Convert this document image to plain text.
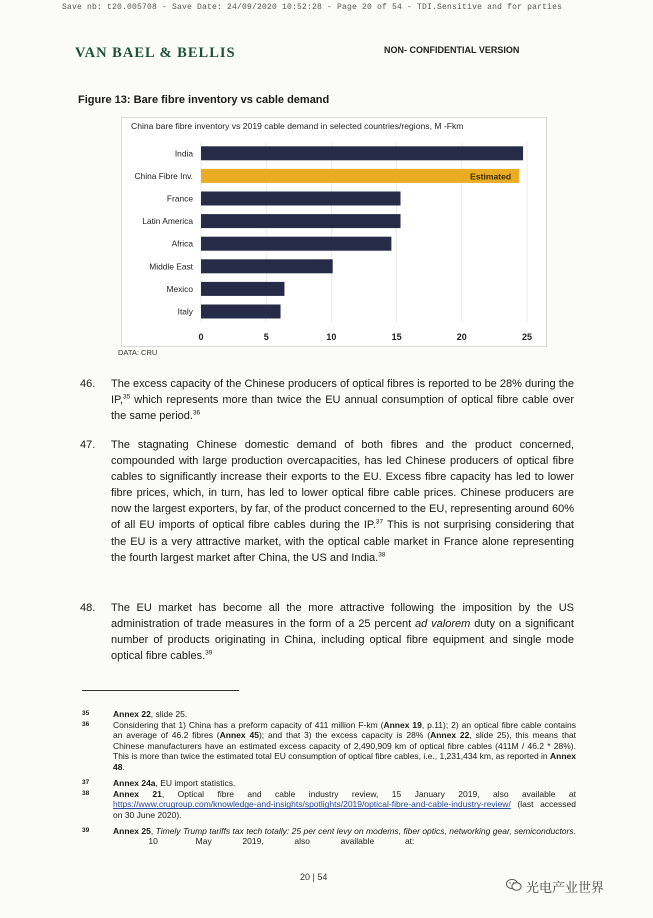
Save nb: t20.005708 - Save Date: 24/09/2020 10:52:28 - Page 20 of 54 - TDI.Sensitive and for parties
VAN BAEL & BELLIS	NON- CONFIDENTIAL VERSION
Figure 13: Bare fibre inventory vs cable demand
India
China Fibre Inv.	Estimated
France
Latin America
Africa
Middle East
Mexico
Italy
0	5	10	15	20	25
China bare fibre inventory vs 2019 cable demand in selected countries/regions, M -Fkm
DATA: CRU
46. The excess capacity of the Chinese producers of optical fibres is reported to be 28% during the IP,$^{35}$ which represents more than twice the EU annual consumption of optical fibre cable over the same period.$^{36}$
47. The stagnating Chinese domestic demand of both fibres and the product concerned, compounded with large production overcapacities, has led Chinese producers of optical fibre cables to significantly increase their exports to the EU. Excess fibre capacity has led to lower fibre prices, which, in turn, has led to lower optical fibre cable prices. Chinese producers are now the largest exporters, by far, of the product concerned to the EU, representing around 60% of all EU imports of optical fibre cables during the IP.$^{37}$ This is not surprising considering that the EU is a very attractive market, with the optical cable market in France alone representing the fourth largest market after China, the US and India.$^{38}$
48. The EU market has become all the more attractive following the imposition by the US administration of trade measures in the form of a 25 percent ad valorem duty on a significant number of products originating in China, including optical fibre equipment and single mode optical fibre cables.$^{39}$
35	Annex 22, slide 25.
36	Considering that 1) China has a preform capacity of 411 million F-km (Annex 19, p.11); 2) an optical fibre cable contains an average of 46.2 fibres (Annex 45); and that 3) the excess capacity is 28% (Annex 22, slide 25), this means that Chinese manufacturers have an estimated excess capacity of 2,490,909 km of optical fibre cables (411M / 46.2 * 28%). This is more than twice the estimated total EU consumption of optical fibre cables, i.e., 1,231,434 km, as reported in Annex 48.
37	Annex 24a, EU import statistics.
38	Annex 21, Optical fibre and cable industry review, 15 January 2019, also available at https://www.crugroup.com/knowledge-and-insights/spotlights/2019/optical-fibre-and-cable-industry-review/ (last accessed on 30 June 2020).
39	Annex 25, Timely Trump tariffs tax tech totally: 25 per cent levy on modems, fiber optics, networking gear, semiconductors.                10                May             2019,             also             available             at:
20 | 54
光电产业世界
